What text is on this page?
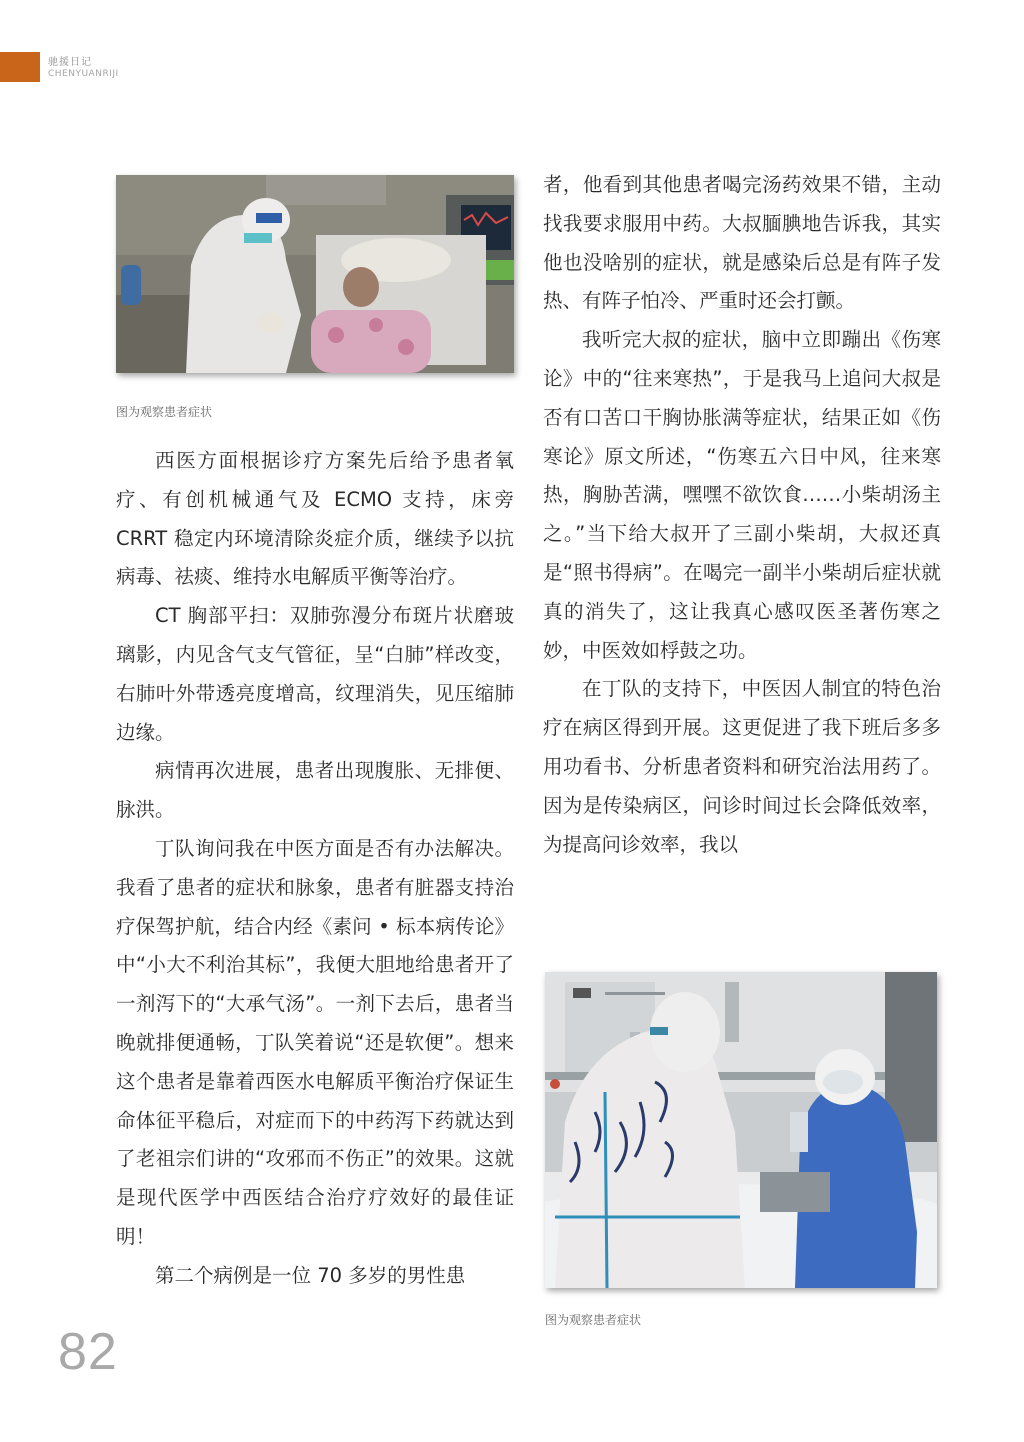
驰援日记
CHENYUANRIJI
图为观察患者症状

西医方面根据诊疗方案先后给予患者氧疗、有创机械通气及 ECMO 支持，床旁 CRRT 稳定内环境清除炎症介质，继续予以抗病毒、祛痰、维持水电解质平衡等治疗。

CT 胸部平扫：双肺弥漫分布斑片状磨玻璃影，内见含气支气管征，呈“白肺”样改变，右肺叶外带透亮度增高，纹理消失，见压缩肺边缘。

病情再次进展，患者出现腹胀、无排便、脉洪。

丁队询问我在中医方面是否有办法解决。我看了患者的症状和脉象，患者有脏器支持治疗保驾护航，结合内经《素问 • 标本病传论》中“小大不利治其标”，我便大胆地给患者开了一剂泻下的“大承气汤”。一剂下去后，患者当晚就排便通畅，丁队笑着说“还是软便”。想来这个患者是靠着西医水电解质平衡治疗保证生命体征平稳后，对症而下的中药泻下药就达到了老祖宗们讲的“攻邪而不伤正”的效果。这就是现代医学中西医结合治疗疗效好的最佳证明！

第二个病例是一位 70 多岁的男性患

者，他看到其他患者喝完汤药效果不错，主动找我要求服用中药。大叔腼腆地告诉我，其实他也没啥别的症状，就是感染后总是有阵子发热、有阵子怕冷、严重时还会打颤。

我听完大叔的症状，脑中立即蹦出《伤寒论》中的“往来寒热”，于是我马上追问大叔是否有口苦口干胸协胀满等症状，结果正如《伤寒论》原文所述，“伤寒五六日中风，往来寒热，胸胁苦满，嘿嘿不欲饮食……小柴胡汤主之。”当下给大叔开了三副小柴胡，大叔还真是“照书得病”。在喝完一副半小柴胡后症状就真的消失了，这让我真心感叹医圣著伤寒之妙，中医效如桴鼓之功。

在丁队的支持下，中医因人制宜的特色治疗在病区得到开展。这更促进了我下班后多多用功看书、分析患者资料和研究治法用药了。因为是传染病区，问诊时间过长会降低效率，为提高问诊效率，我以

图为观察患者症状
82
